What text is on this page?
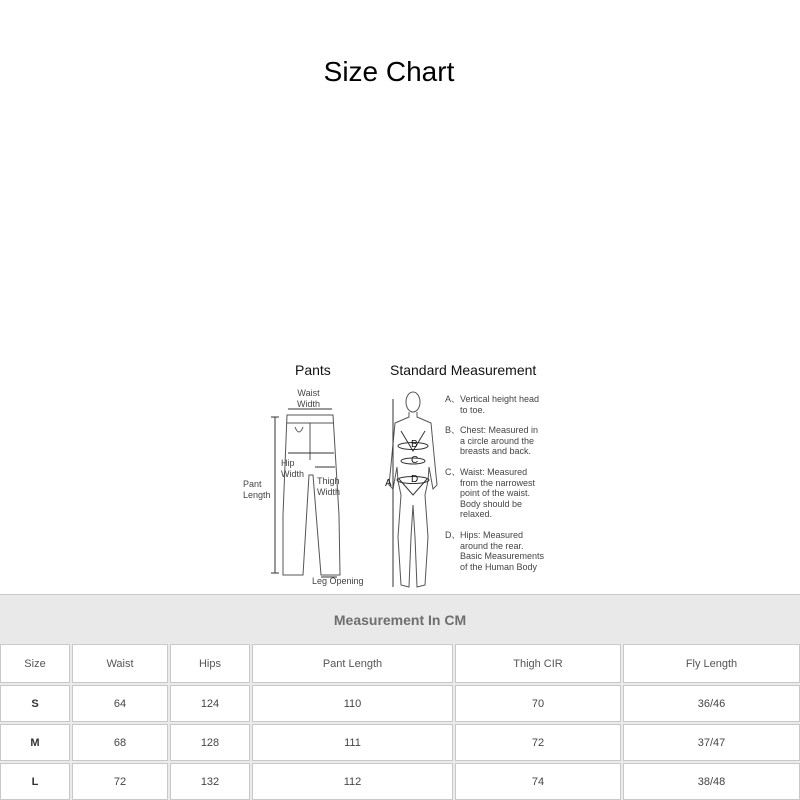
Size Chart
Pants	Standard Measurement
Waist
Width
Hip
Width
Pant
Length
Thigh
Width
Leg Opening
A
B
C
D
A、 Vertical height head
to toe.
B、 Chest: Measured in
a circle around the
breasts and back.
C、 Waist: Measured
from the narrowest
point of the waist.
Body should be
relaxed.
D、 Hips: Measured
around the rear.
Basic Measurements
of the Human Body
Measurement In CM
Size	Waist	Hips	Pant Length	Thigh CIR	Fly Length
S	64	124	110	70	36/46
M	68	128	111	72	37/47
L	72	132	112	74	38/48
